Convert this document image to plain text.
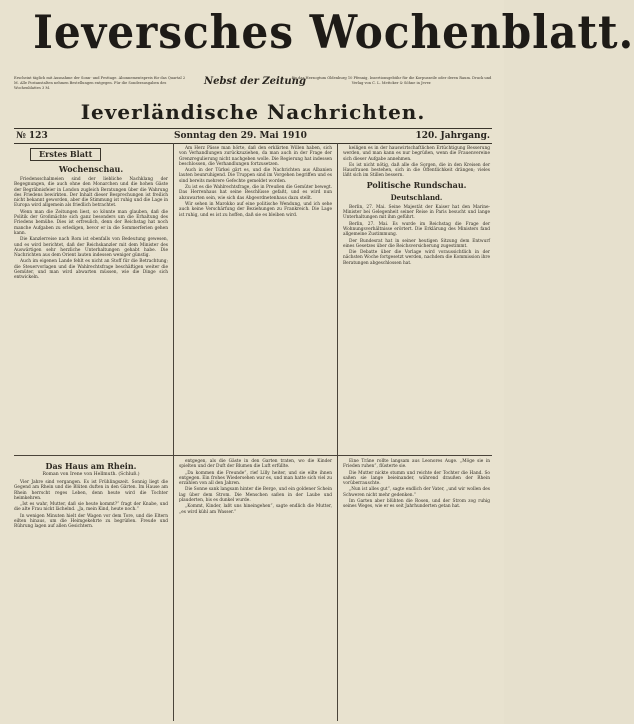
Ieversches Wochenblatt.
Erscheint täglich mit Ausnahme der Sonn- und Festtage. Abonnementspreis für das Quartal 2 M. Alle Postanstalten nehmen Bestellungen entgegen. Für die Sonderausgaben des Wochenblattes 3 M.
Nebst der Zeitung
für das Herzogtum Oldenburg 10 Pfennig, Insertionsgebühr für die Korpuszeile oder deren Raum. Druck und Verlag von C. L. Mettcker & Söhne in Jever.
Ieverländische Nachrichten.
№ 123	Sonntag den 29. Mai 1910	120. Jahrgang.
Erstes Blatt
Wochenschau.

Friedensschalmeien sind der liebliche Nachklang der Begegnungen, die auch ohne den Monarchen und die hohen Gäste der Begräbnisfeier in London zugleich Beratungen über die Wahrung des Friedens bewirkten. Der Inhalt dieser Besprechungen ist freilich nicht bekannt geworden, aber die Stimmung ist ruhig und die Lage in Europa wird allgemein als friedlich betrachtet.

Wenn man die Zeitungen liest, so könnte man glauben, daß die Politik der Großmächte sich ganz besonders um die Erhaltung des Friedens bemühe. Dies ist erfreulich, denn der Reichstag hat noch manche Aufgaben zu erledigen, bevor er in die Sommerferien gehen kann.

Die Kanzlerreise nach Rom ist ebenfalls von Bedeutung gewesen, und es wird berichtet, daß der Reichskanzler mit dem Minister des Auswärtigen sehr herzliche Unterhaltungen gehabt habe. Die Nachrichten aus dem Orient lauten indessen weniger günstig.

Auch im eigenen Lande fehlt es nicht an Stoff für die Betrachtung; die Steuervorlagen und die Wahlrechtsfrage beschäftigen weiter die Gemüter, und man wird abwarten müssen, wie die Dinge sich entwickeln.

Am Herz Pässe man hörte, daß den erklärten Willen haben, sich von Verhandlungen zurückzuziehen, da man auch in der Frage der Grenzregulierung nicht nachgeben wolle. Die Regierung hat indessen beschlossen, die Verhandlungen fortzusetzen.

Auch in der Türkei gärt es, und die Nachrichten aus Albanien lauten beunruhigend. Die Truppen sind im Vorgehen begriffen und es sind bereits mehrere Gefechte gemeldet worden.

Zu ist es die Wahlrechtsfrage, die in Preußen die Gemüter bewegt. Das Herrenhaus hat seine Beschlüsse gefaßt, und es wird nun abzuwarten sein, wie sich das Abgeordnetenhaus dazu stellt.

Wir sehen in Marokko auf eine politische Wendung, und ich sehe auch keine Verschärfung der Beziehungen zu Frankreich. Die Lage ist ruhig, und es ist zu hoffen, daß sie es bleiben wird.

keiligen es in der hauswirtschaftlichen Ertüchtigung Besserung werden, und man kann es nur begrüßen, wenn die Frauenvereine sich dieser Aufgabe annehmen.

Es ist nicht nötig, daß alle die Sorgen, die in den Kreisen der Hausfrauen bestehen, sich in die Öffentlichkeit drängen; vieles läßt sich im Stillen bessern.

Politische Rundschau.
Deutschland.

Berlin, 27. Mai. Seine Majestät der Kaiser hat den Marine-Minister bei Gelegenheit seiner Reise in Paris besucht und lange Unterhaltungen mit ihm geführt.

Berlin, 27. Mai. Es wurde im Reichstag die Frage der Wohnungsverhältnisse erörtert. Die Erklärung des Ministers fand allgemeine Zustimmung.

Der Bundesrat hat in seiner heutigen Sitzung dem Entwurf eines Gesetzes über die Reichsversicherung zugestimmt.

Die Debatte über die Vorlage wird voraussichtlich in der nächsten Woche fortgesetzt werden, nachdem die Kommission ihre Beratungen abgeschlossen hat.

Das Haus am Rhein.
Roman von Irene von Hellmuth. (Schluß.)

Vier Jahre sind vergangen. Es ist Frühlingszeit. Sonnig liegt die Gegend am Rhein und die Blüten duften in den Gärten. Im Hause am Rhein herrscht reges Leben, denn heute wird die Tochter heimkehren.

„Ist es wahr, Mutter, daß sie heute kommt?“ fragt der Knabe, und die alte Frau nickt lächelnd. „Ja, mein Kind, heute noch.“

In wenigen Minuten hielt der Wagen vor dem Tore, und die Eltern eilten hinaus, um die Heimgekehrte zu begrüßen. Freude und Rührung lagen auf allen Gesichtern.

entgegen, als die Gäste in den Garten traten, wo die Kinder spielten und der Duft der Blumen die Luft erfüllte.

„Da kommen die Freunde“, rief Lilly heiter, und sie eilte ihnen entgegen. Ein frohes Wiedersehen war es, und man hatte sich viel zu erzählen von all den Jahren.

Die Sonne sank langsam hinter die Berge, und ein goldener Schein lag über dem Strom. Die Menschen saßen in der Laube und plauderten, bis es dunkel wurde.

„Kommt, Kinder, laßt uns hineingehen“, sagte endlich die Mutter, „es wird kühl am Wasser.“

Eine Träne rollte langsam aus Leonores Auge. „Möge sie in Frieden ruhen“, flüsterte sie.

Die Mutter nickte stumm und reichte der Tochter die Hand. So saßen sie lange beieinander, während draußen der Rhein vorüberrauschte.

„Nun ist alles gut“, sagte endlich der Vater, „und wir wollen des Schweren nicht mehr gedenken.“

Im Garten aber blühten die Rosen, und der Strom zog ruhig seines Weges, wie er es seit Jahrhunderten getan hat.
